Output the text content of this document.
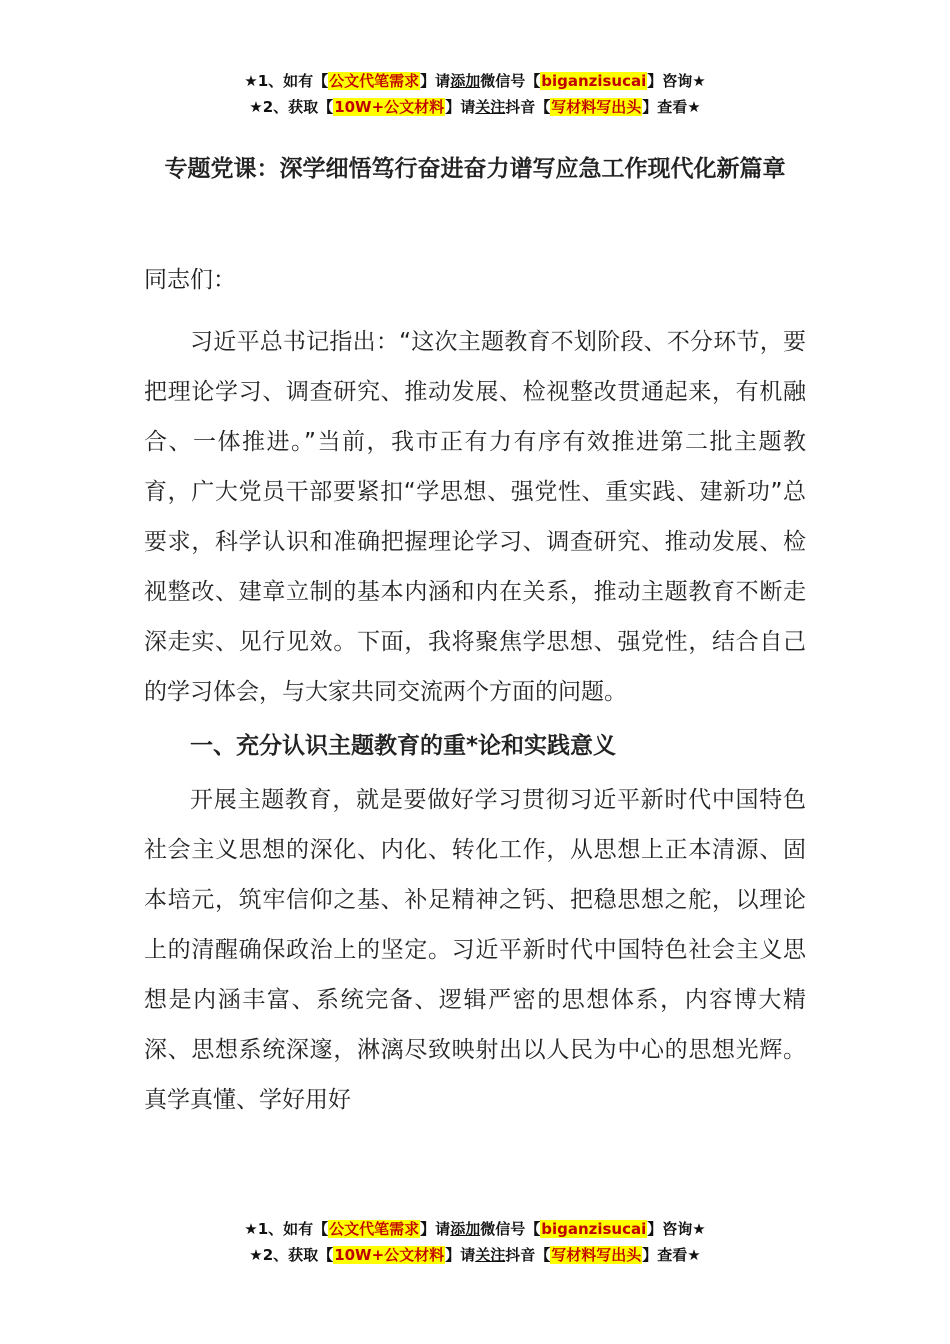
★1、如有【公文代笔需求】请添加微信号【biganzisucai】咨询★
★2、获取【10W+公文材料】请关注抖音【写材料写出头】查看★
专题党课：深学细悟笃行奋进奋力谱写应急工作现代化新篇章

同志们：

习近平总书记指出：“这次主题教育不划阶段、不分环节，要把理论学习、调查研究、推动发展、检视整改贯通起来，有机融合、一体推进。”当前，我市正有力有序有效推进第二批主题教育，广大党员干部要紧扣“学思想、强党性、重实践、建新功”总要求，科学认识和准确把握理论学习、调查研究、推动发展、检视整改、建章立制的基本内涵和内在关系，推动主题教育不断走深走实、见行见效。下面，我将聚焦学思想、强党性，结合自己的学习体会，与大家共同交流两个方面的问题。

一、充分认识主题教育的重*论和实践意义

开展主题教育，就是要做好学习贯彻习近平新时代中国特色社会主义思想的深化、内化、转化工作，从思想上正本清源、固本培元，筑牢信仰之基、补足精神之钙、把稳思想之舵，以理论上的清醒确保政治上的坚定。习近平新时代中国特色社会主义思想是内涵丰富、系统完备、逻辑严密的思想体系，内容博大精深、思想系统深邃，淋漓尽致映射出以人民为中心的思想光辉。真学真懂、学好用好

★1、如有【公文代笔需求】请添加微信号【biganzisucai】咨询★
★2、获取【10W+公文材料】请关注抖音【写材料写出头】查看★
